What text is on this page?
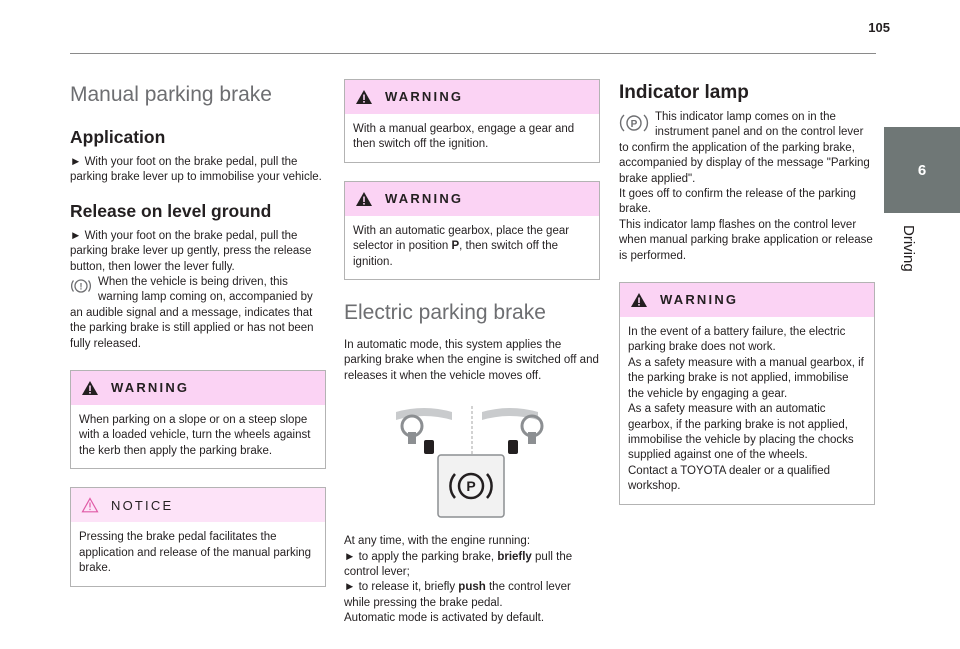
105
6
Driving
Manual parking brake
Application

► With your foot on the brake pedal, pull the parking brake lever up to immobilise your vehicle.

Release on level ground

► With your foot on the brake pedal, pull the parking brake lever up gently, press the release button, then lower the lever fully.

!	When the vehicle is being driven, this warning lamp coming on, accompanied by an audible signal and a message, indicates that the parking brake is still applied or has not been fully released.

WARNING

When parking on a slope or on a steep slope with a loaded vehicle, turn the wheels against the kerb then apply the parking brake.

NOTICE

Pressing the brake pedal facilitates the application and release of the manual parking brake.

WARNING

With a manual gearbox, engage a gear and then switch off the ignition.

WARNING

With an automatic gearbox, place the gear selector in position P, then switch off the ignition.

Electric parking brake

In automatic mode, this system applies the parking brake when the engine is switched off and releases it when the vehicle moves off.

P

At any time, with the engine running:

► to apply the parking brake, briefly pull the control lever;

► to release it, briefly push the control lever while pressing the brake pedal.

Automatic mode is activated by default.

Indicator lamp
P

This indicator lamp comes on in the instrument panel and on the control lever to confirm the application of the parking brake, accompanied by display of the message "Parking brake applied".

It goes off to confirm the release of the parking brake.

This indicator lamp flashes on the control lever when manual parking brake application or release is performed.

WARNING

In the event of a battery failure, the electric parking brake does not work.

As a safety measure with a manual gearbox, if the parking brake is not applied, immobilise the vehicle by engaging a gear.

As a safety measure with an automatic gearbox, if the parking brake is not applied, immobilise the vehicle by placing the chocks supplied against one of the wheels.

Contact a TOYOTA dealer or a qualified workshop.
